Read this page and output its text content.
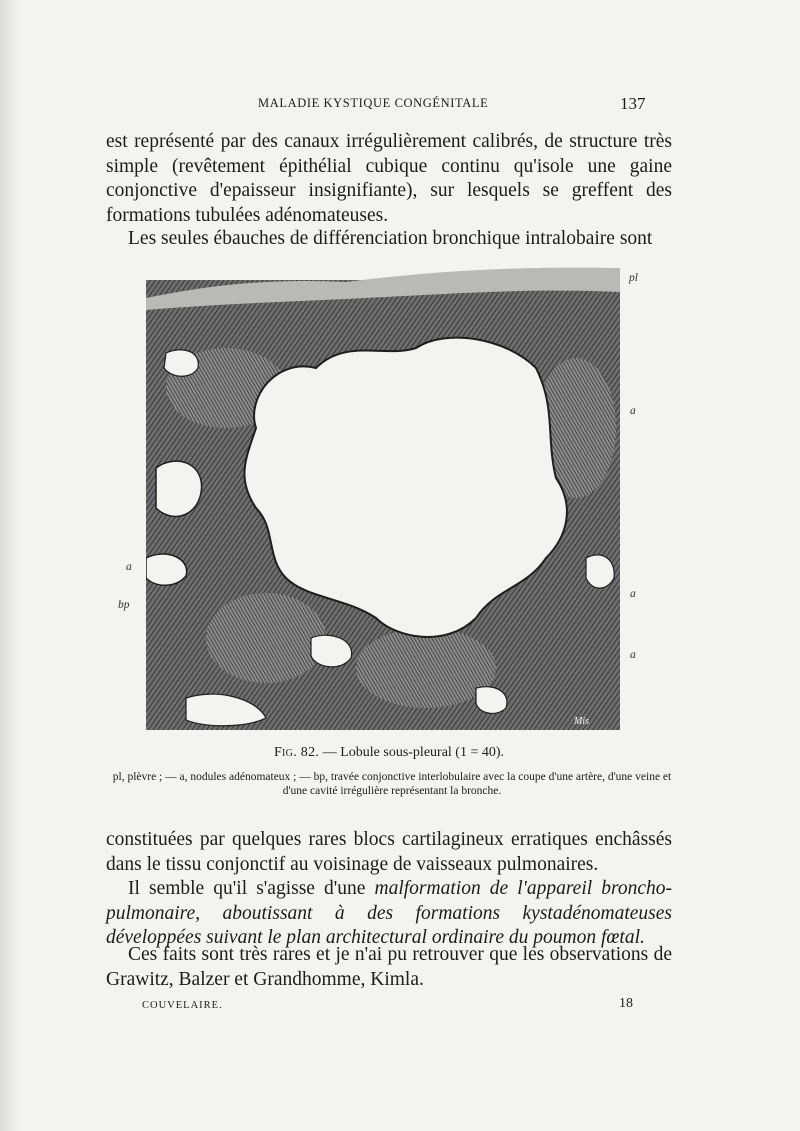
MALADIE KYSTIQUE CONGÉNITALE	137

est représenté par des canaux irrégulièrement calibrés, de structure très simple (revêtement épithélial cubique continu qu'isole une gaine conjonctive d'epaisseur insignifiante), sur lesquels se greffent des formations tubulées adénomateuses.

Les seules ébauches de différenciation bronchique intralobaire sont

Mis
pl
a
a
a
a
bp
Fig. 82. — Lobule sous-pleural (1 = 40).
pl, plèvre ; — a, nodules adénomateux ; — bp, travée conjonctive interlobulaire avec la coupe d'une artère, d'une veine et d'une cavité irrégulière représentant la bronche.

constituées par quelques rares blocs cartilagineux erratiques enchâssés dans le tissu conjonctif au voisinage de vaisseaux pulmonaires.

Il semble qu'il s'agisse d'une malformation de l'appareil broncho-pulmonaire, aboutissant à des formations kystadénomateuses développées suivant le plan architectural ordinaire du poumon fœtal.

Ces faits sont très rares et je n'ai pu retrouver que les observations de Grawitz, Balzer et Grandhomme, Kimla.

COUVELAIRE.	18
